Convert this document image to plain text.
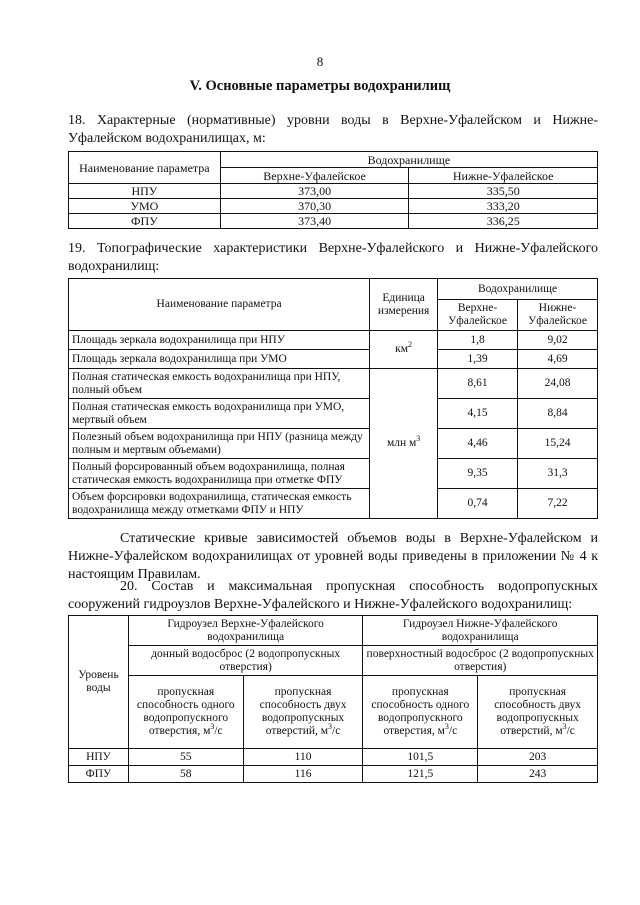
8
V. Основные параметры водохранилищ
18. Характерные (нормативные) уровни воды в Верхне-Уфалейском и Нижне-Уфалейском водохранилищах, м:
Наименование параметра	Водохранилище	
	Верхне-Уфалейское	Нижне-Уфалейское
НПУ	373,00	335,50
УМО	370,30	333,20
ФПУ	373,40	336,25
19. Топографические характеристики Верхне-Уфалейского и Нижне-Уфалейского водохранилищ:
Наименование параметра	Единица измерения	Водохранилище	
		Верхне-Уфалейское	Нижне-Уфалейское
Площадь зеркала водохранилища при НПУ	$км^2$	1,8	9,02
Площадь зеркала водохранилища при УМО		1,39	4,69
Полная статическая емкость водохранилища при НПУ, полный объем	млн $м^3$	8,61	24,08
Полная статическая емкость водохранилища при УМО, мертвый объем		4,15	8,84
Полезный объем водохранилища при НПУ (разница между полным и мертвым объемами)		4,46	15,24
Полный форсированный объем водохранилища, полная статическая емкость водохранилища при отметке ФПУ		9,35	31,3
Объем форсировки водохранилища, статическая емкость водохранилища между отметками ФПУ и НПУ		0,74	7,22
Статические кривые зависимостей объемов воды в Верхне-Уфалейском и Нижне-Уфалейском водохранилищах от уровней воды приведены в приложении № 4 к настоящим Правилам.
20. Состав и максимальная пропускная способность водопропускных сооружений гидроузлов Верхне-Уфалейского и Нижне-Уфалейского водохранилищ:
Уровень воды	Гидроузел Верхне-Уфалейского водохранилища		Гидроузел Нижне-Уфалейского водохранилища	
	донный водосброс (2 водопропускных отверстия)		поверхностный водосброс (2 водопропускных отверстия)	
	пропускная способность одного водопропускного отверстия, $м^3/с$	пропускная способность двух водопропускных отверстий, $м^3/с$	пропускная способность одного водопропускного отверстия, $м^3/с$	пропускная способность двух водопропускных отверстий, $м^3/с$

НПУ	55	110	101,5	203
ФПУ	58	116	121,5	243
